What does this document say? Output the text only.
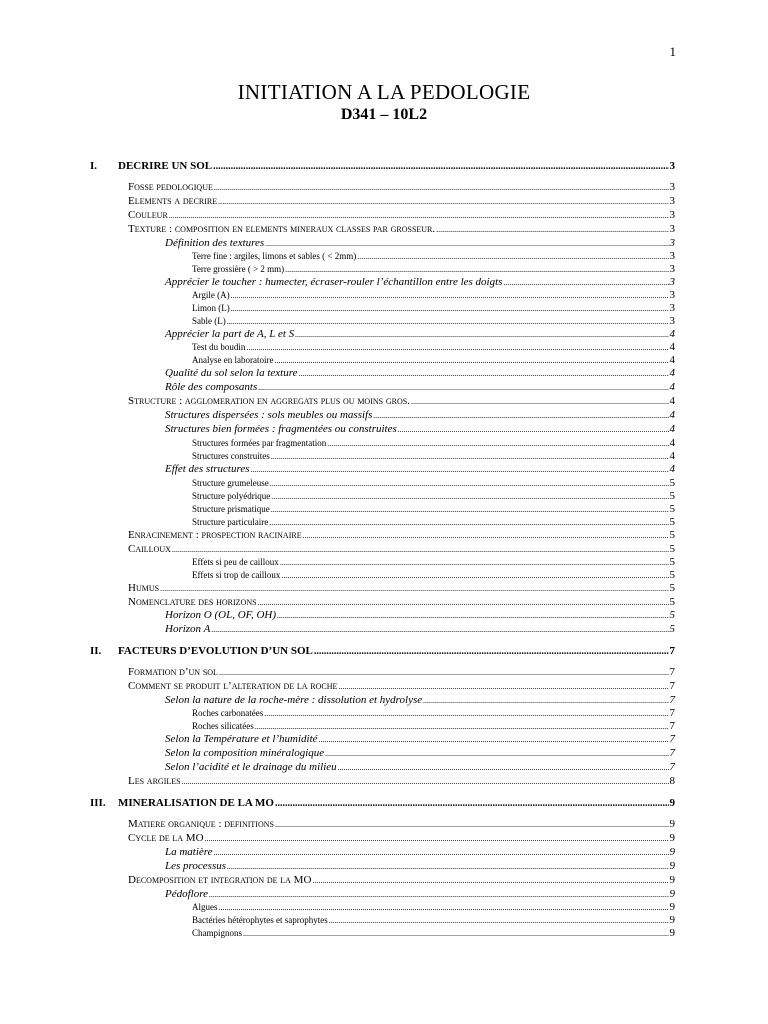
1
INITIATION A LA PEDOLOGIE
D341 – 10L2
I.	DECRIRE UN SOL .....	3
Fosse pedologique .....	3
Elements a decrire .....	3
Couleur .....	3
Texture : composition en elements mineraux classes par grosseur. .....	3
Définition des textures .....	3
Terre fine : argiles, limons et sables ( < 2mm) .....	3
Terre grossière ( > 2 mm) .....	3
Apprécier le toucher : humecter, écraser-rouler l’échantillon entre les doigts .....	3
Argile (A) .....	3
Limon (L) .....	3
Sable (L) .....	3
Apprécier la part de A, L et S .....	4
Test du boudin .....	4
Analyse en laboratoire .....	4
Qualité du sol selon la texture .....	4
Rôle des composants .....	4
Structure : agglomeration en aggregats plus ou moins gros. .....	4
Structures dispersées : sols meubles ou massifs .....	4
Structures bien formées : fragmentées ou construites .....	4
Structures formées par fragmentation .....	4
Structures construites .....	4
Effet des structures .....	4
Structure grumeleuse .....	5
Structure polyédrique .....	5
Structure prismatique .....	5
Structure particulaire .....	5
Enracinement : prospection racinaire .....	5
Cailloux .....	5
Effets si peu de cailloux .....	5
Effets si trop de cailloux .....	5
Humus .....	5
Nomenclature des horizons .....	5
Horizon O (OL, OF, OH) .....	5
Horizon A .....	5
II.	FACTEURS D’EVOLUTION D’UN SOL .....	7
Formation d’un sol .....	7
Comment se produit l’alteration de la roche .....	7
Selon la nature de la roche-mère : dissolution et hydrolyse .....	7
Roches carbonatées .....	7
Roches silicatées .....	7
Selon la Température et l’humidité .....	7
Selon la composition minéralogique .....	7
Selon l’acidité et le drainage du milieu .....	7
Les argiles .....	8
III.	MINERALISATION DE LA MO .....	9
Matiere organique : definitions .....	9
Cycle de la MO .....	9
La matière .....	9
Les processus .....	9
Decomposition et integration de la MO .....	9
Pédoflore .....	9
Algues .....	9
Bactéries hétérophytes et saprophytes .....	9
Champignons .....	9
